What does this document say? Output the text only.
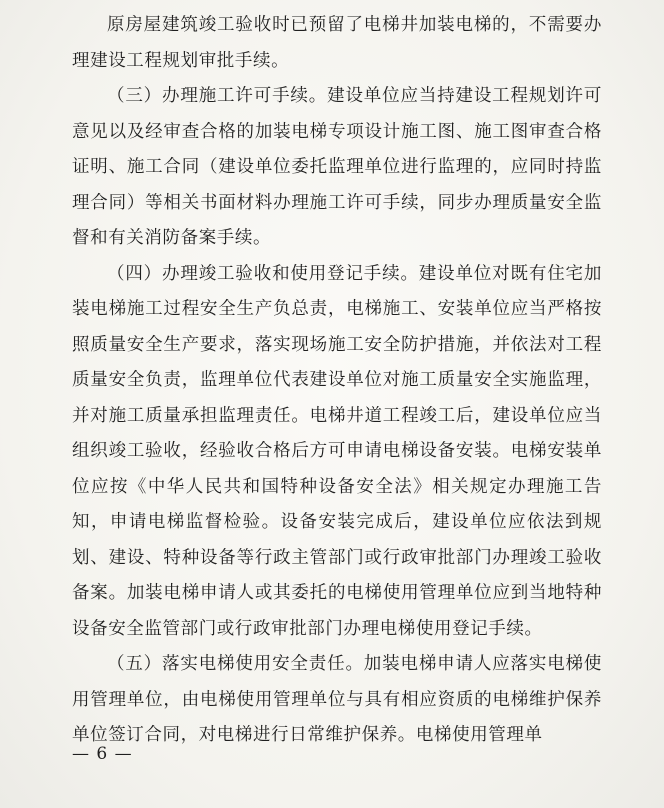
原房屋建筑竣工验收时已预留了电梯井加装电梯的，不需要办理建设工程规划审批手续。

（三）办理施工许可手续。建设单位应当持建设工程规划许可意见以及经审查合格的加装电梯专项设计施工图、施工图审查合格证明、施工合同（建设单位委托监理单位进行监理的，应同时持监理合同）等相关书面材料办理施工许可手续，同步办理质量安全监督和有关消防备案手续。

（四）办理竣工验收和使用登记手续。建设单位对既有住宅加装电梯施工过程安全生产负总责，电梯施工、安装单位应当严格按照质量安全生产要求，落实现场施工安全防护措施，并依法对工程质量安全负责，监理单位代表建设单位对施工质量安全实施监理，并对施工质量承担监理责任。电梯井道工程竣工后，建设单位应当组织竣工验收，经验收合格后方可申请电梯设备安装。电梯安装单位应按《中华人民共和国特种设备安全法》相关规定办理施工告知，申请电梯监督检验。设备安装完成后，建设单位应依法到规划、建设、特种设备等行政主管部门或行政审批部门办理竣工验收备案。加装电梯申请人或其委托的电梯使用管理单位应到当地特种设备安全监管部门或行政审批部门办理电梯使用登记手续。

（五）落实电梯使用安全责任。加装电梯申请人应落实电梯使用管理单位，由电梯使用管理单位与具有相应资质的电梯维护保养单位签订合同，对电梯进行日常维护保养。电梯使用管理单

— 6 —
